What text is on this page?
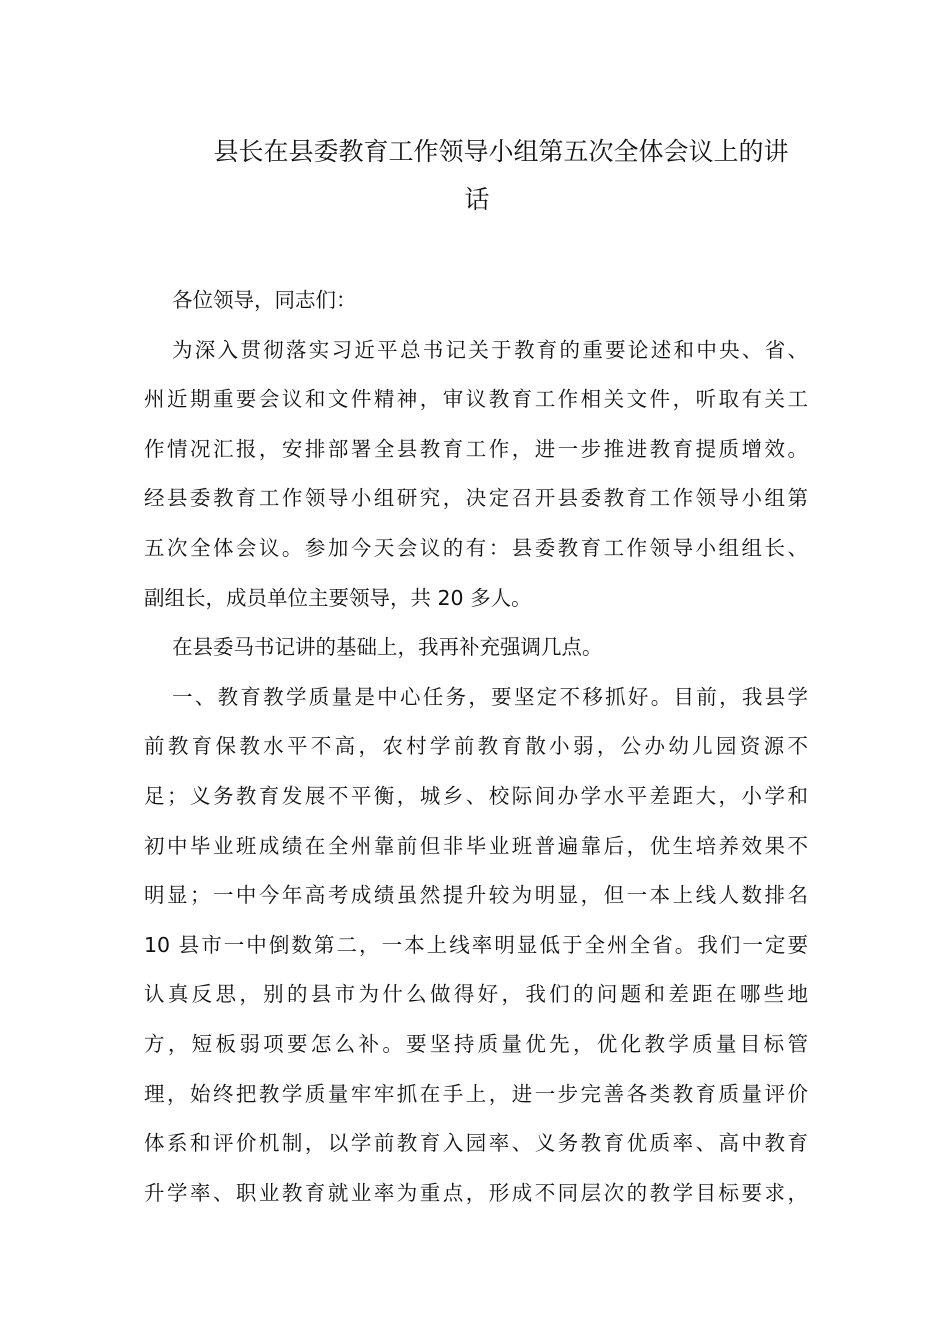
县长在县委教育工作领导小组第五次全体会议上的讲
话
各位领导，同志们：
为深入贯彻落实习近平总书记关于教育的重要论述和中央、省、
州近期重要会议和文件精神，审议教育工作相关文件，听取有关工
作情况汇报，安排部署全县教育工作，进一步推进教育提质增效。
经县委教育工作领导小组研究，决定召开县委教育工作领导小组第
五次全体会议。参加今天会议的有：县委教育工作领导小组组长、
副组长，成员单位主要领导，共 20 多人。
在县委马书记讲的基础上，我再补充强调几点。
一、教育教学质量是中心任务，要坚定不移抓好。目前，我县学
前教育保教水平不高，农村学前教育散小弱，公办幼儿园资源不
足；义务教育发展不平衡，城乡、校际间办学水平差距大，小学和
初中毕业班成绩在全州靠前但非毕业班普遍靠后，优生培养效果不
明显；一中今年高考成绩虽然提升较为明显，但一本上线人数排名
10 县市一中倒数第二，一本上线率明显低于全州全省。我们一定要
认真反思，别的县市为什么做得好，我们的问题和差距在哪些地
方，短板弱项要怎么补。要坚持质量优先，优化教学质量目标管
理，始终把教学质量牢牢抓在手上，进一步完善各类教育质量评价
体系和评价机制，以学前教育入园率、义务教育优质率、高中教育
升学率、职业教育就业率为重点，形成不同层次的教学目标要求，
